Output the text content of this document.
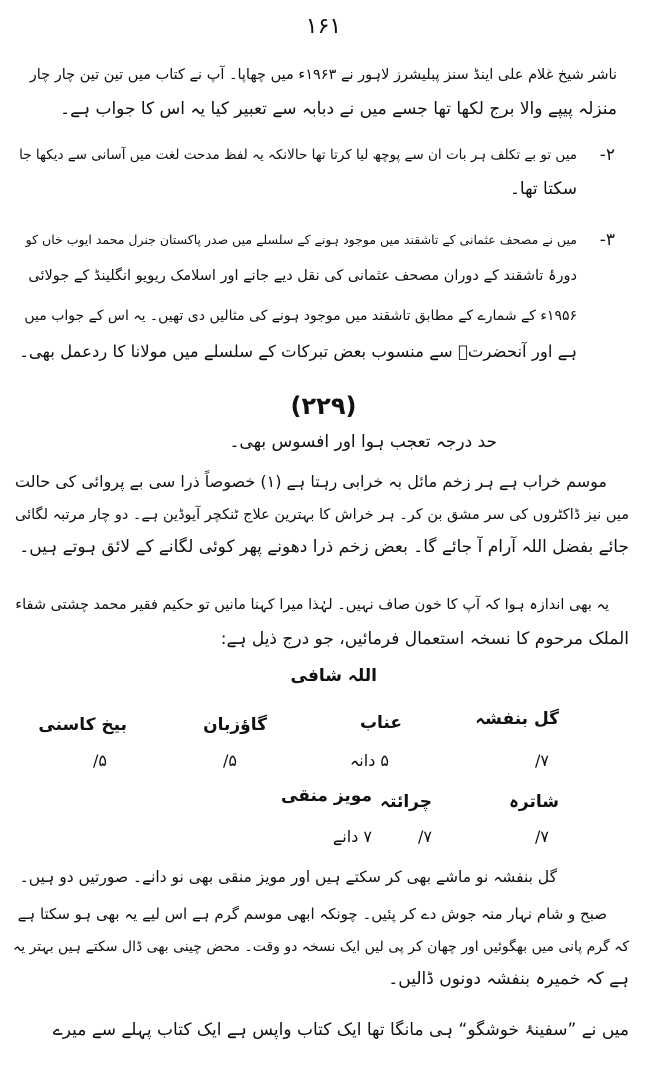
۱۶۱
ناشر شیخ غلام علی اینڈ سنز پبلیشرز لاہور نے ۱۹۶۳ء میں چھاپا۔ آپ نے کتاب میں تین تین چار چار
منزلہ پیپے والا برج لکھا تھا جسے میں نے دبابہ سے تعبیر کیا یہ اس کا جواب ہے۔
۲-
میں تو بے تکلف ہر بات ان سے پوچھ لیا کرتا تھا حالانکہ یہ لفظ مدحت لغت میں آسانی سے دیکھا جا
سکتا تھا۔
۳-
میں نے مصحف عثمانی کے تاشقند میں موجود ہونے کے سلسلے میں صدر پاکستان جنرل محمد ایوب خاں کو
دورۂ تاشقند کے دوران مصحف عثمانی کی نقل دیے جانے اور اسلامک ریویو انگلینڈ کے جولائی
۱۹۵۶ء کے شمارے کے مطابق تاشقند میں موجود ہونے کی مثالیں دی تھیں۔ یہ اس کے جواب میں
ہے اور آنحضرتؐ سے منسوب بعض تبرکات کے سلسلے میں مولانا کا ردعمل بھی۔
(۲۲۹)
حد درجہ تعجب ہوا اور افسوس بھی۔
موسم خراب ہے ہر زخم مائل بہ خرابی رہتا ہے (۱) خصوصاً ذرا سی بے پروائی کی حالت
میں نیز ڈاکٹروں کی سر مشق بن کر۔ ہر خراش کا بہترین علاج ٹنکچر آیوڈین ہے۔ دو چار مرتبہ لگائی
جائے بفضل اللہ آرام آ جائے گا۔ بعض زخم ذرا دھونے پھر کوئی لگانے کے لائق ہوتے ہیں۔
یہ بھی اندازہ ہوا کہ آپ کا خون صاف نہیں۔ لہٰذا میرا کہنا مانیں تو حکیم فقیر محمد چشتی شفاء
الملک مرحوم کا نسخہ استعمال فرمائیں، جو درج ذیل ہے:
اللہ شافی
گل بنفشہ
عناب
گاؤزبان
بیخ کاسنی
۷/
۵ دانہ
۵/
۵/
شاترہ
چرائتہ
مویز منقی
۷/
۷/
۷ دانے
گل بنفشہ نو ماشے بھی کر سکتے ہیں اور مویز منقی بھی نو دانے۔ صورتیں دو ہیں۔
صبح و شام نہار منہ جوش دے کر پئیں۔ چونکہ ابھی موسم گرم ہے اس لیے یہ بھی ہو سکتا ہے
کہ گرم پانی میں بھگوئیں اور چھان کر پی لیں ایک نسخہ دو وقت۔ محض چینی بھی ڈال سکتے ہیں بہتر یہ
ہے کہ خمیرہ بنفشہ دونوں ڈالیں۔
میں نے ”سفینۂ خوشگو“ ہی مانگا تھا ایک کتاب واپس ہے ایک کتاب پہلے سے میرے
